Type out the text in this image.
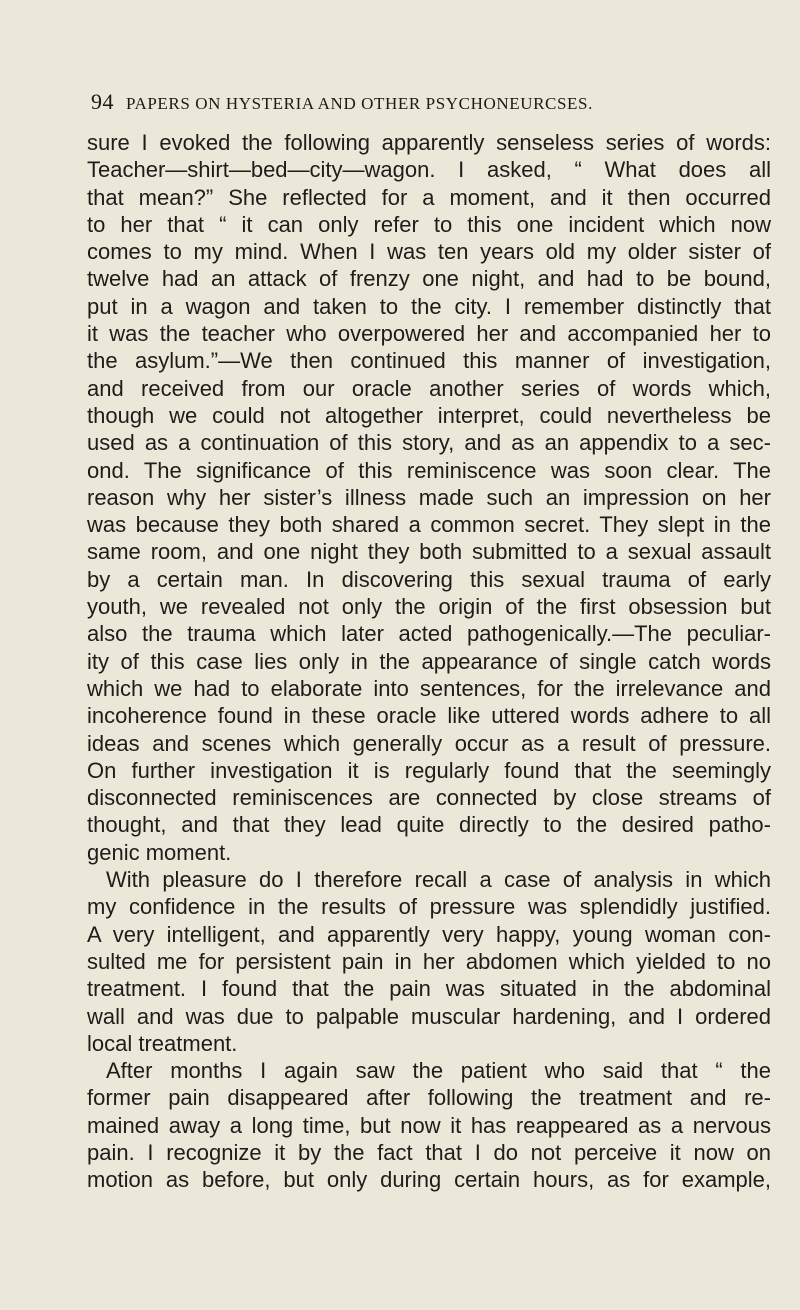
94 PAPERS ON HYSTERIA AND OTHER PSYCHONEURCSES.
sure I evoked the following apparently senseless series of words:
Teacher—shirt—bed—city—wagon. I asked, “ What does all
that mean?” She reflected for a moment, and it then occurred
to her that “ it can only refer to this one incident which now
comes to my mind. When I was ten years old my older sister of
twelve had an attack of frenzy one night, and had to be bound,
put in a wagon and taken to the city. I remember distinctly that
it was the teacher who overpowered her and accompanied her to
the asylum.”—We then continued this manner of investigation,
and received from our oracle another series of words which,
though we could not altogether interpret, could nevertheless be
used as a continuation of this story, and as an appendix to a sec-
ond. The significance of this reminiscence was soon clear. The
reason why her sister’s illness made such an impression on her
was because they both shared a common secret. They slept in the
same room, and one night they both submitted to a sexual assault
by a certain man. In discovering this sexual trauma of early
youth, we revealed not only the origin of the first obsession but
also the trauma which later acted pathogenically.—The peculiar-
ity of this case lies only in the appearance of single catch words
which we had to elaborate into sentences, for the irrelevance and
incoherence found in these oracle like uttered words adhere to all
ideas and scenes which generally occur as a result of pressure.
On further investigation it is regularly found that the seemingly
disconnected reminiscences are connected by close streams of
thought, and that they lead quite directly to the desired patho-
genic moment.
With pleasure do I therefore recall a case of analysis in which
my confidence in the results of pressure was splendidly justified.
A very intelligent, and apparently very happy, young woman con-
sulted me for persistent pain in her abdomen which yielded to no
treatment. I found that the pain was situated in the abdominal
wall and was due to palpable muscular hardening, and I ordered
local treatment.
After months I again saw the patient who said that “ the
former pain disappeared after following the treatment and re-
mained away a long time, but now it has reappeared as a nervous
pain. I recognize it by the fact that I do not perceive it now on
motion as before, but only during certain hours, as for example,
